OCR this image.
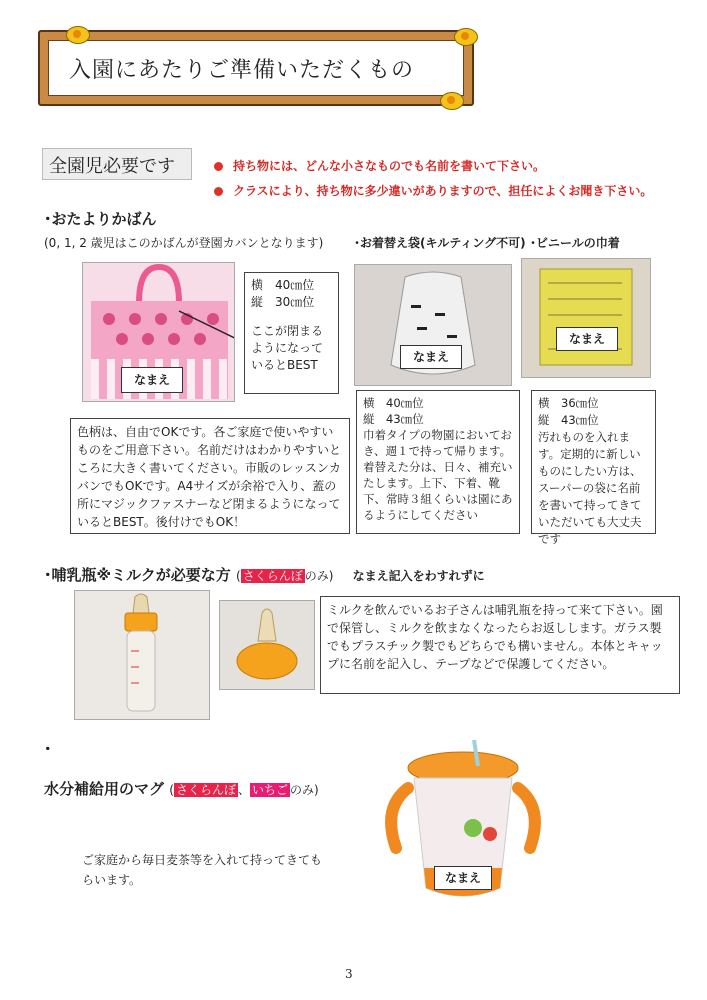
入園にあたりご準備いただくもの
全園児必要です	持ち物には、どんな小さなものでも名前を書いて下さい。
クラスにより、持ち物に多少違いがありますので、担任によくお聞き下さい。
･おたよりかばん
(0, 1, 2 歳児はこのかばんが登園カバンとなります)
なまえ
横　40㎝位
縦　30㎝位
ここが閉まるようになっているとBEST
色柄は、自由でOKです。各ご家庭で使いやすいものをご用意下さい。名前だけはわかりやすいところに大きく書いてください。市販のレッスンカバンでもOKです。A4サイズが余裕で入り、蓋の所にマジックファスナーなど閉まるようになっているとBEST。後付けでもOK！
･お着替え袋(キルティング不可)
なまえ
横　40㎝位
縦　43㎝位
巾着タイプの物園においておき、週１で持って帰ります。着替えた分は、日々、補充いたします。上下、下着、靴下、常時３組くらいは園にあるようにしてください
･ビニールの巾着
なまえ
横　36㎝位
縦　43㎝位
汚れものを入れます。定期的に新しいものにしたい方は、スーパーの袋に名前を書いて持ってきていただいても大丈夫です
･哺乳瓶※ミルクが必要な方 ( さくらんぼ のみ) なまえ記入をわすれずに
ミルクを飲んでいるお子さんは哺乳瓶を持って来て下さい。園で保管し、ミルクを飲まなくなったらお返しします。ガラス製でもプラスチック製でもどちらでも構いません。本体とキャップに名前を記入し、テープなどで保護してください。
･
水分補給用のマグ ( さくらんぼ 、 いちご のみ)
ご家庭から毎日麦茶等を入れて持ってきてもらいます。	なまえ
3
